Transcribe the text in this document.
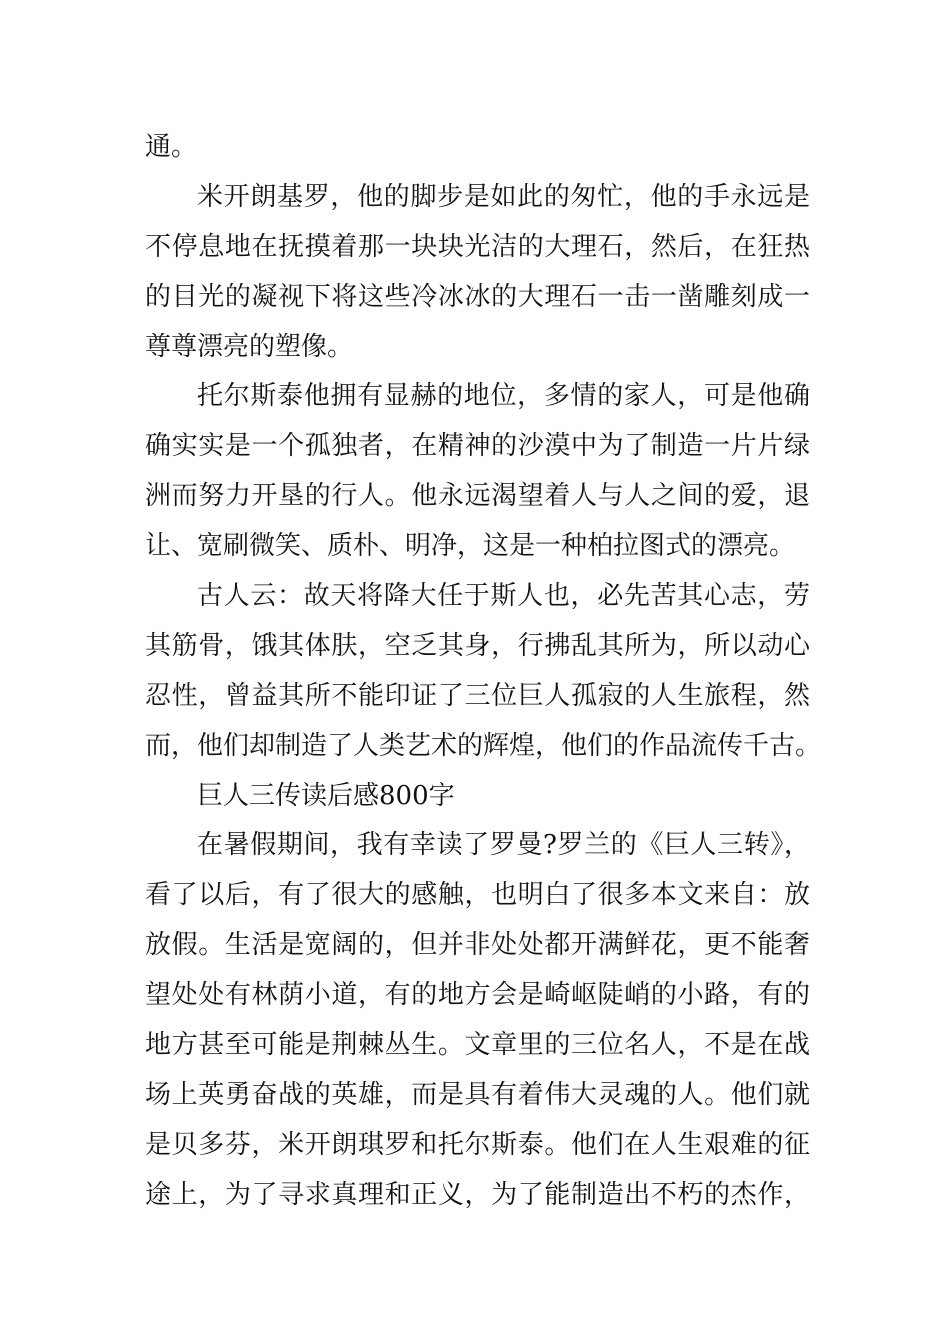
通。
米开朗基罗，他的脚步是如此的匆忙，他的手永远是
不停息地在抚摸着那一块块光洁的大理石，然后，在狂热
的目光的凝视下将这些冷冰冰的大理石一击一凿雕刻成一
尊尊漂亮的塑像。
托尔斯泰他拥有显赫的地位，多情的家人，可是他确
确实实是一个孤独者，在精神的沙漠中为了制造一片片绿
洲而努力开垦的行人。他永远渴望着人与人之间的爱，退
让、宽刷微笑、质朴、明净，这是一种柏拉图式的漂亮。
古人云：故天将降大任于斯人也，必先苦其心志，劳
其筋骨，饿其体肤，空乏其身，行拂乱其所为，所以动心
忍性，曾益其所不能印证了三位巨人孤寂的人生旅程，然
而，他们却制造了人类艺术的辉煌，他们的作品流传千古。
巨人三传读后感800字
在暑假期间，我有幸读了罗曼?罗兰的《巨人三转》，
看了以后，有了很大的感触，也明白了很多本文来自：放
放假。生活是宽阔的，但并非处处都开满鲜花，更不能奢
望处处有林荫小道，有的地方会是崎岖陡峭的小路，有的
地方甚至可能是荆棘丛生。文章里的三位名人，不是在战
场上英勇奋战的英雄，而是具有着伟大灵魂的人。他们就
是贝多芬，米开朗琪罗和托尔斯泰。他们在人生艰难的征
途上，为了寻求真理和正义，为了能制造出不朽的杰作，
